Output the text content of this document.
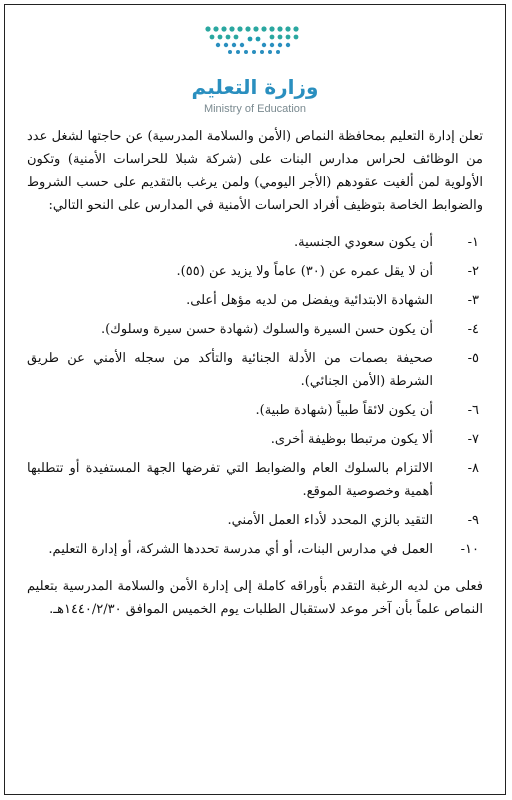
وزارة التعليم
Ministry of Education

تعلن إدارة التعليم بمحافظة النماص (الأمن والسلامة المدرسية) عن حاجتها لشغل عدد من الوظائف لحراس مدارس البنات على (شركة شبلا للحراسات الأمنية) وتكون الأولوية لمن ألغيت عقودهم (الأجر اليومي) ولمن يرغب بالتقديم على حسب الشروط والضوابط الخاصة بتوظيف أفراد الحراسات الأمنية في المدارس على النحو التالي:

١-
أن يكون سعودي الجنسية.
٢-
أن لا يقل عمره عن (٣٠) عاماً ولا يزيد عن (٥٥).
٣-
الشهادة الابتدائية ويفضل من لديه مؤهل أعلى.
٤-
أن يكون حسن السيرة والسلوك (شهادة حسن سيرة وسلوك).
٥-
صحيفة بصمات من الأدلة الجنائية والتأكد من سجله الأمني عن طريق الشرطة (الأمن الجنائي).
٦-
أن يكون لائقاً طبياً (شهادة طبية).
٧-
ألا يكون مرتبطا بوظيفة أخرى.
٨-
الالتزام بالسلوك العام والضوابط التي تفرضها الجهة المستفيدة أو تتطلبها أهمية وخصوصية الموقع.
٩-
التقيد بالزي المحدد لأداء العمل الأمني.
١٠-
العمل في مدارس البنات، أو أي مدرسة تحددها الشركة، أو إدارة التعليم.

فعلى من لديه الرغبة التقدم بأوراقه كاملة إلى إدارة الأمن والسلامة المدرسية بتعليم النماص علماً بأن آخر موعد لاستقبال الطلبات يوم الخميس الموافق ١٤٤٠/٢/٣٠هـ.
